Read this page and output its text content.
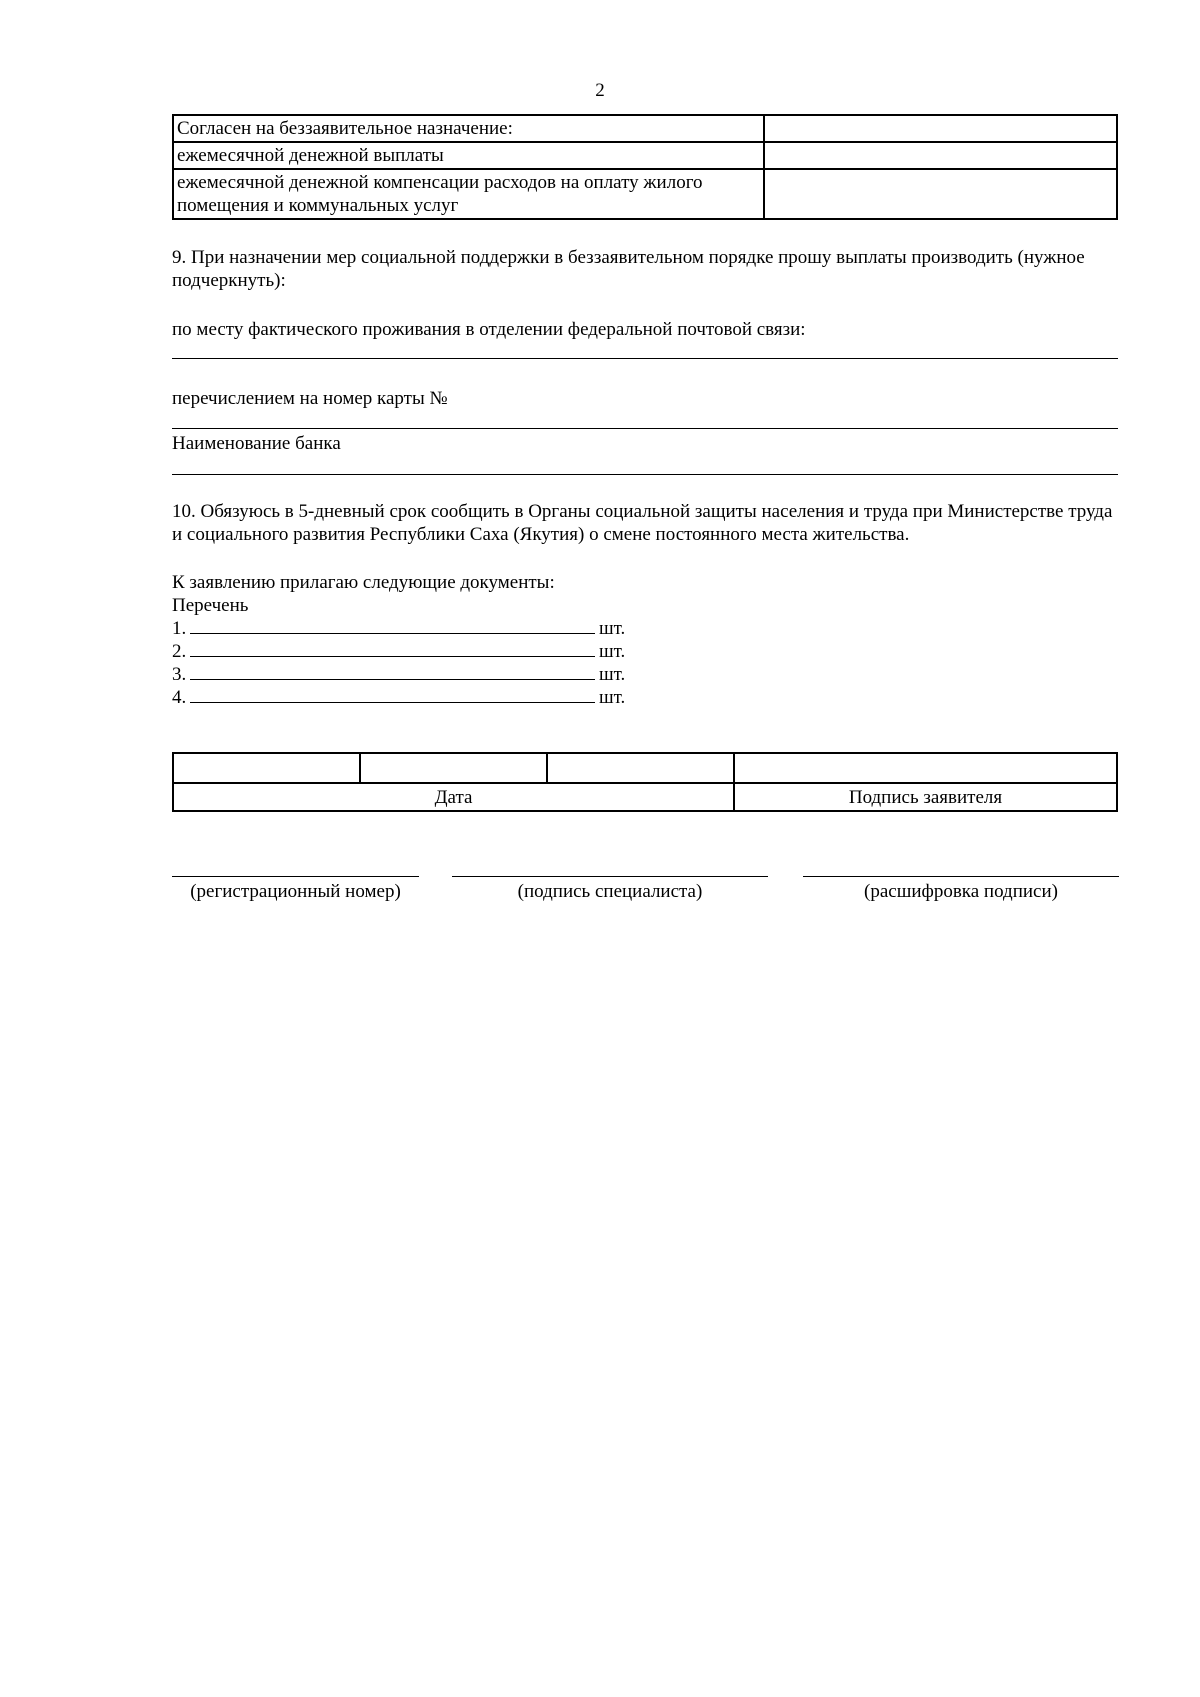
2
Согласен на беззаявительное назначение:	
ежемесячной денежной выплаты	
ежемесячной денежной компенсации расходов на оплату жилого помещения и коммунальных услуг	
9. При назначении мер социальной поддержки в беззаявительном порядке прошу выплаты производить (нужное подчеркнуть):
по месту фактического проживания в отделении федеральной почтовой связи:
перечислением на номер карты №
Наименование банка
10. Обязуюсь в 5-дневный срок сообщить в Органы социальной защиты населения и труда при Министерстве труда и социального развития Республики Саха (Якутия) о смене постоянного места жительства.
К заявлению прилагаю следующие документы:
Перечень
1.	шт.
2.	шт.
3.	шт.
4.	шт.

Дата			Подпись заявителя
(регистрационный номер)	(подпись специалиста)	(расшифровка подписи)
